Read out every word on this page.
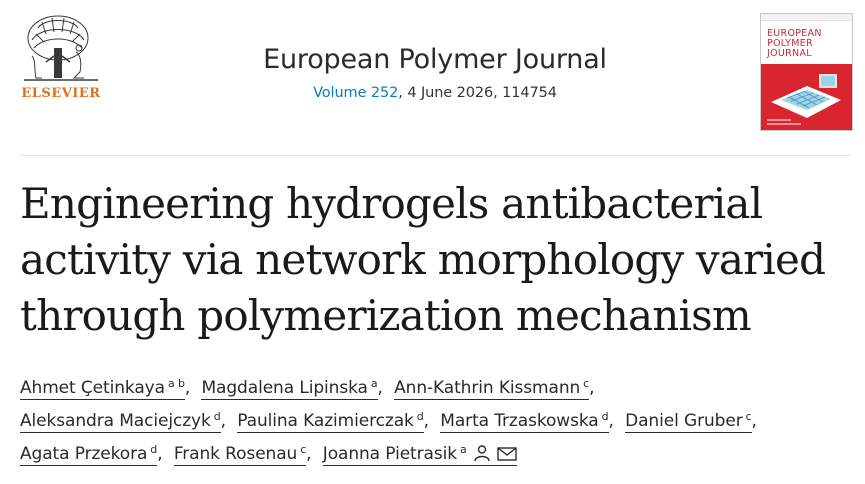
ELSEVIER
European Polymer Journal
Volume 252, 4 June 2026, 114754
EUROPEAN
POLYMER
JOURNAL
Engineering hydrogels antibacterial
activity via network morphology varied
through polymerization mechanism
Ahmet Çetinkaya $^{a b}$, Magdalena Lipinska $^a$, Ann-Kathrin Kissmann $^c$,
Aleksandra Maciejczyk $^d$, Paulina Kazimierczak $^d$, Marta Trzaskowska $^d$, Daniel Gruber $^c$,
Agata Przekora $^d$, Frank Rosenau $^c$, Joanna Pietrasik $^a$
